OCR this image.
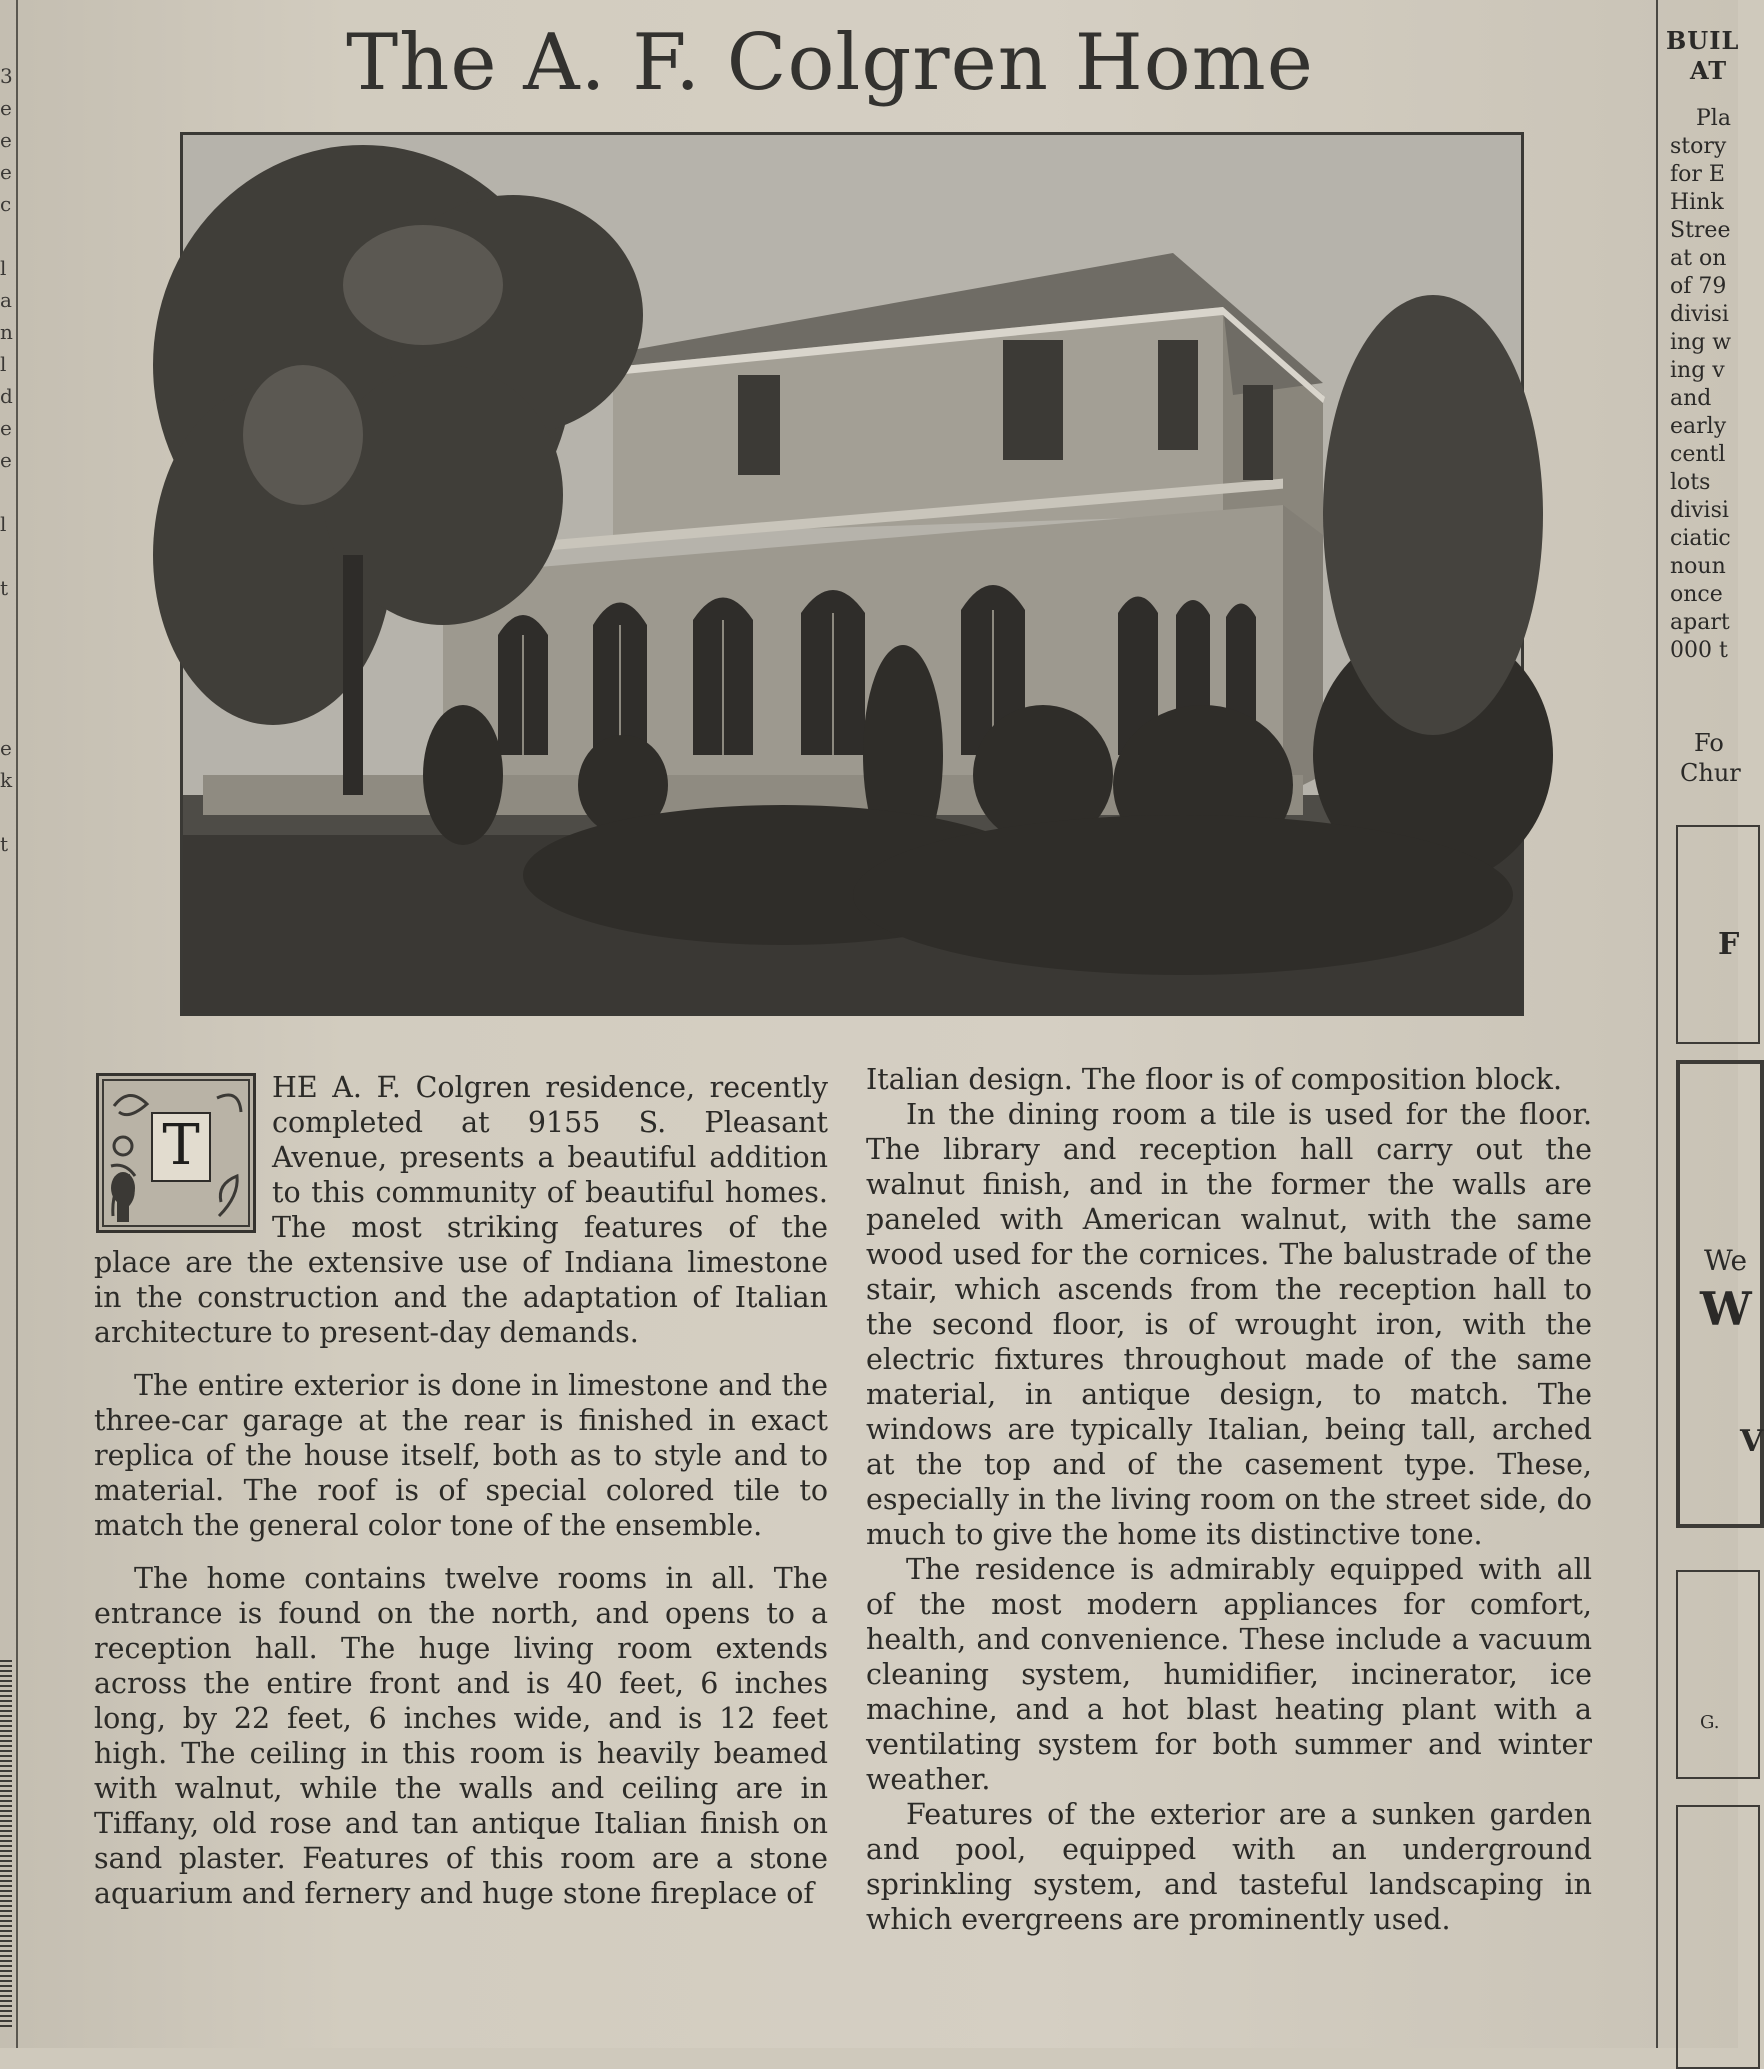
3
e
e
e
c
l
a
n
l
d
e
e
l
t
e
k
t
The A. F. Colgren Home
T

HE A. F. Colgren residence, recently completed at 9155 S. Pleasant Avenue, presents a beautiful addition to this community of beautiful homes. The most striking features of the place are the extensive use of Indiana limestone in the construction and the adaptation of Italian architecture to present-day demands.

The entire exterior is done in limestone and the three-car garage at the rear is finished in exact replica of the house itself, both as to style and to material. The roof is of special colored tile to match the general color tone of the ensemble.

The home contains twelve rooms in all. The entrance is found on the north, and opens to a reception hall. The huge living room extends across the entire front and is 40 feet, 6 inches long, by 22 feet, 6 inches wide, and is 12 feet high. The ceiling in this room is heavily beamed with walnut, while the walls and ceiling are in Tiffany, old rose and tan antique Italian finish on sand plaster. Features of this room are a stone aquarium and fernery and huge stone fireplace of

Italian design. The floor is of composition block.

In the dining room a tile is used for the floor. The library and reception hall carry out the walnut finish, and in the former the walls are paneled with American walnut, with the same wood used for the cornices. The balustrade of the stair, which ascends from the reception hall to the second floor, is of wrought iron, with the electric fixtures throughout made of the same material, in antique design, to match. The windows are typically Italian, being tall, arched at the top and of the casement type. These, especially in the living room on the street side, do much to give the home its distinctive tone.

The residence is admirably equipped with all of the most modern appliances for comfort, health, and convenience. These include a vacuum cleaning system, humidifier, incinerator, ice machine, and a hot blast heating plant with a ventilating system for both summer and winter weather.

Features of the exterior are a sunken garden and pool, equipped with an underground sprinkling system, and tasteful landscaping in which evergreens are prominently used.

BUIL
AT
Pla
story
for E
Hink
Stree
at on
of 79
divisi
ing w
ing v
and
early
centl
lots
divisi
ciatic
noun
once
apart
000 t
Fo
Chur
F
We
W
V
G.
